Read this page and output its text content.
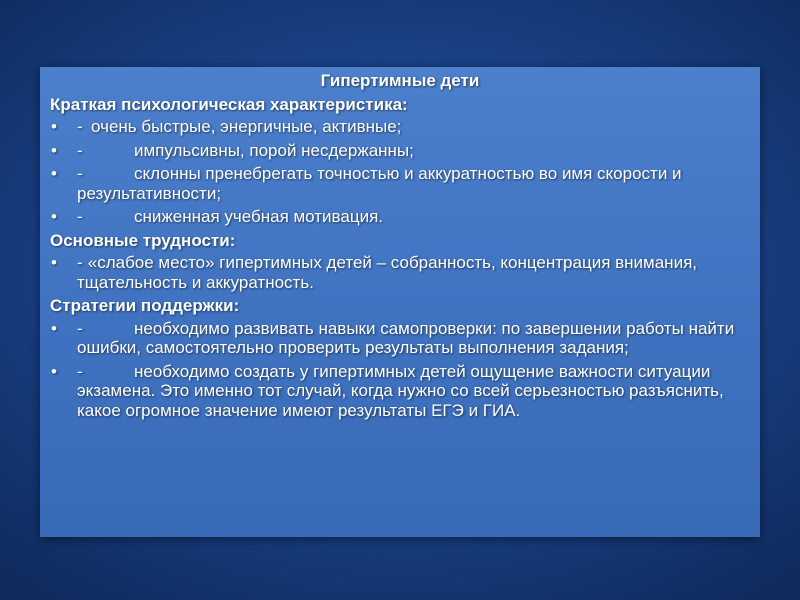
Гипертимные дети

Краткая психологическая характеристика:

• - очень быстрые, энергичные, активные;
• -	импульсивны, порой несдержанны;
• -	склонны пренебрегать точностью и аккуратностью во имя скорости и результативности;
• -	сниженная учебная мотивация.

Основные трудности:

• - «слабое место» гипертимных детей – собранность, концентрация внимания, тщательность и аккуратность.

Стратегии поддержки:

• -	необходимо развивать навыки самопроверки: по завершении работы найти ошибки, самостоятельно проверить результаты выполнения задания;
• -	необходимо создать у гипертимных детей ощущение важности ситуации экзамена. Это именно тот случай, когда нужно со всей серьезностью разъяснить, какое огромное значение имеют результаты ЕГЭ и ГИА.
